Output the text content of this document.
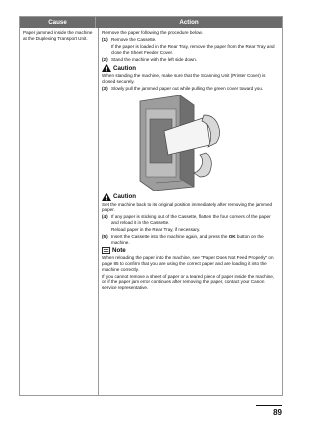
Cause	Action
Paper jammed inside the machine at the Duplexing Transport Unit.
Remove the paper following the procedure below.
(1) Remove the Cassette.
If the paper is loaded in the Rear Tray, remove the paper from the Rear Tray and close the Sheet Feeder Cover.
(2) Stand the machine with the left side down.
Caution
When standing the machine, make sure that the Scanning Unit (Printer Cover) is closed securely.
(3) Slowly pull the jammed paper out while pulling the green cover toward you.
Caution
Set the machine back to its original position immediately after removing the jammed paper.
(4) If any paper is sticking out of the Cassette, flatten the four corners of the paper and reload it in the Cassette.
Reload paper in the Rear Tray, if necessary.
(5) Insert the Cassette into the machine again, and press the OK button on the machine.
Note
When reloading the paper into the machine, see "Paper Does Not Feed Properly" on page 85 to confirm that you are using the correct paper and are loading it into the machine correctly.
If you cannot remove a sheet of paper or a teared piece of paper inside the machine, or if the paper jam error continues after removing the paper, contact your Canon service representative.
89
